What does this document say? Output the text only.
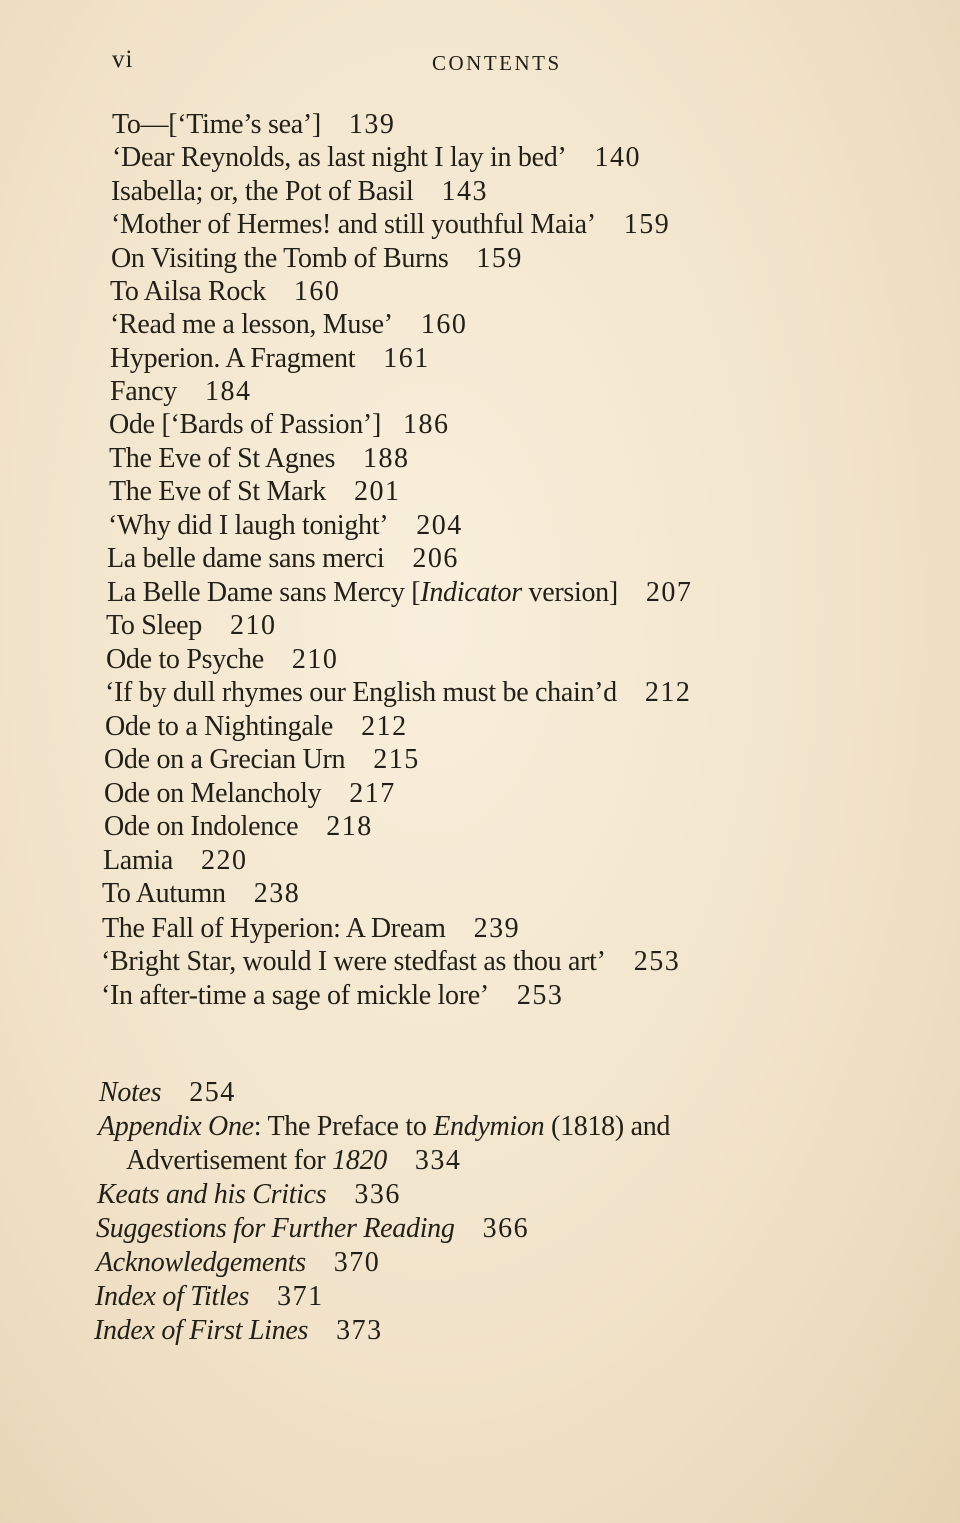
vi	CONTENTS
To—[‘Time’s sea’] 139
‘Dear Reynolds, as last night I lay in bed’ 140
Isabella; or, the Pot of Basil 143
‘Mother of Hermes! and still youthful Maia’ 159
On Visiting the Tomb of Burns 159
To Ailsa Rock 160
‘Read me a lesson, Muse’ 160
Hyperion. A Fragment 161
Fancy 184
Ode [‘Bards of Passion’] 186
The Eve of St Agnes 188
The Eve of St Mark 201
‘Why did I laugh tonight’ 204
La belle dame sans merci 206
La Belle Dame sans Mercy [Indicator version] 207
To Sleep 210
Ode to Psyche 210
‘If by dull rhymes our English must be chain’d 212
Ode to a Nightingale 212
Ode on a Grecian Urn 215
Ode on Melancholy 217
Ode on Indolence 218
Lamia 220
To Autumn 238
The Fall of Hyperion: A Dream 239
‘Bright Star, would I were stedfast as thou art’ 253
‘In after-time a sage of mickle lore’ 253
Notes 254
Appendix One: The Preface to Endymion (1818) and
Advertisement for 1820 334
Keats and his Critics 336
Suggestions for Further Reading 366
Acknowledgements 370
Index of Titles 371
Index of First Lines 373
